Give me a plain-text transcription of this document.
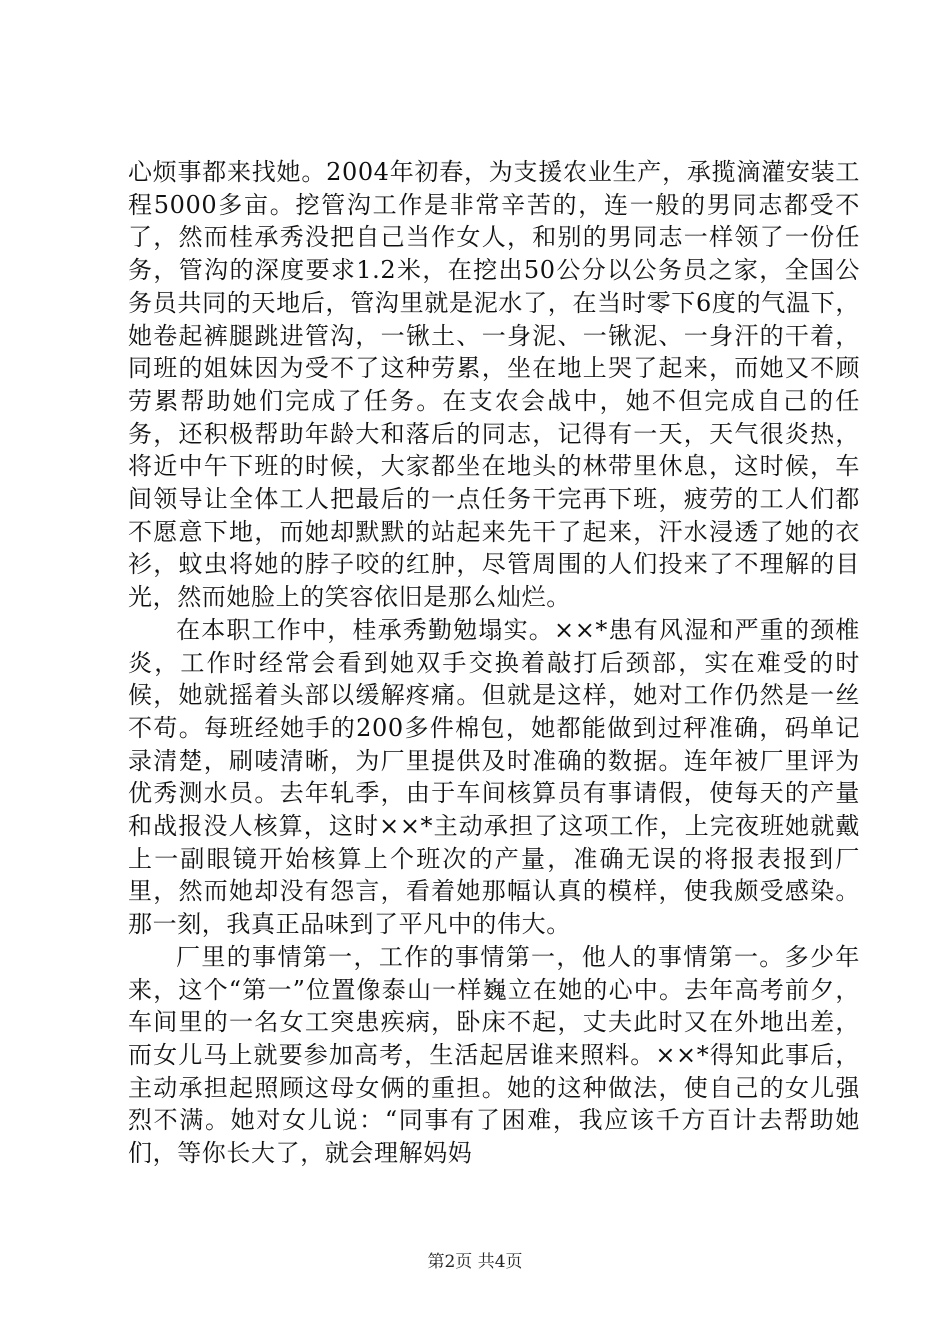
心烦事都来找她。2004年初春，为支援农业生产，承揽滴灌安装工程5000多亩。挖管沟工作是非常辛苦的，连一般的男同志都受不了，然而桂承秀没把自己当作女人，和别的男同志一样领了一份任务，管沟的深度要求1.2米，在挖出50公分以公务员之家，全国公务员共同的天地后，管沟里就是泥水了，在当时零下6度的气温下，她卷起裤腿跳进管沟，一锹土、一身泥、一锹泥、一身汗的干着，同班的姐妹因为受不了这种劳累，坐在地上哭了起来，而她又不顾劳累帮助她们完成了任务。在支农会战中，她不但完成自己的任务，还积极帮助年龄大和落后的同志，记得有一天，天气很炎热，将近中午下班的时候，大家都坐在地头的林带里休息，这时候，车间领导让全体工人把最后的一点任务干完再下班，疲劳的工人们都不愿意下地，而她却默默的站起来先干了起来，汗水浸透了她的衣衫，蚊虫将她的脖子咬的红肿，尽管周围的人们投来了不理解的目光，然而她脸上的笑容依旧是那么灿烂。

在本职工作中，桂承秀勤勉塌实。××*患有风湿和严重的颈椎炎，工作时经常会看到她双手交换着敲打后颈部，实在难受的时候，她就摇着头部以缓解疼痛。但就是这样，她对工作仍然是一丝不苟。每班经她手的200多件棉包，她都能做到过秤准确，码单记录清楚，刷唛清晰，为厂里提供及时准确的数据。连年被厂里评为优秀测水员。去年轧季，由于车间核算员有事请假，使每天的产量和战报没人核算，这时××*主动承担了这项工作，上完夜班她就戴上一副眼镜开始核算上个班次的产量，准确无误的将报表报到厂里，然而她却没有怨言，看着她那幅认真的模样，使我颇受感染。那一刻，我真正品味到了平凡中的伟大。

厂里的事情第一，工作的事情第一，他人的事情第一。多少年来，这个“第一”位置像泰山一样巍立在她的心中。去年高考前夕，车间里的一名女工突患疾病，卧床不起，丈夫此时又在外地出差，而女儿马上就要参加高考，生活起居谁来照料。××*得知此事后，主动承担起照顾这母女俩的重担。她的这种做法，使自己的女儿强烈不满。她对女儿说：“同事有了困难，我应该千方百计去帮助她们，等你长大了，就会理解妈妈

第2页 共4页
